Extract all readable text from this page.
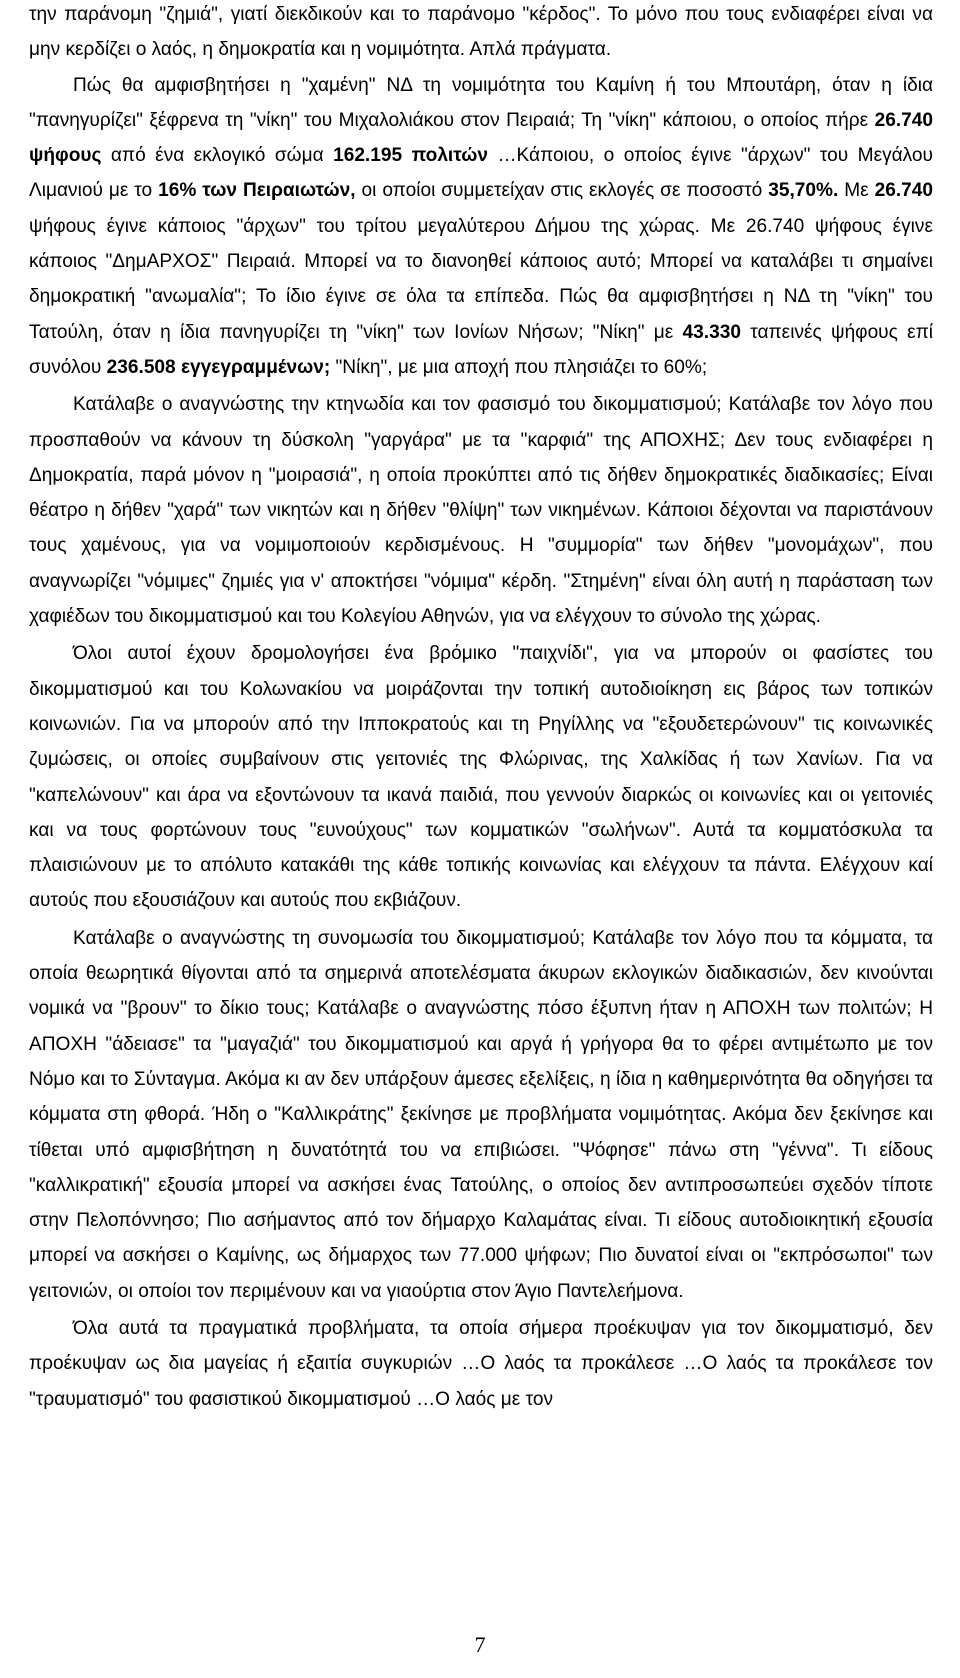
την παράνομη "ζημιά", γιατί διεκδικούν και το παράνομο "κέρδος". Το μόνο που τους ενδιαφέρει είναι να μην κερδίζει ο λαός, η δημοκρατία και η νομιμότητα. Απλά πράγματα.

Πώς θα αμφισβητήσει η "χαμένη" ΝΔ τη νομιμότητα του Καμίνη ή του Μπουτάρη, όταν η ίδια "πανηγυρίζει" ξέφρενα τη "νίκη" του Μιχαλολιάκου στον Πειραιά; Τη "νίκη" κάποιου, ο οποίος πήρε 26.740 ψήφους από ένα εκλογικό σώμα 162.195 πολιτών …Κάποιου, ο οποίος έγινε "άρχων" του Μεγάλου Λιμανιού με το 16% των Πειραιωτών, οι οποίοι συμμετείχαν στις εκλογές σε ποσοστό 35,70%. Με 26.740 ψήφους έγινε κάποιος "άρχων" του τρίτου μεγαλύτερου Δήμου της χώρας. Με 26.740 ψήφους έγινε κάποιος "ΔημΑΡΧΟΣ" Πειραιά. Μπορεί να το διανοηθεί κάποιος αυτό; Μπορεί να καταλάβει τι σημαίνει δημοκρατική "ανωμαλία"; Το ίδιο έγινε σε όλα τα επίπεδα. Πώς θα αμφισβητήσει η ΝΔ τη "νίκη" του Τατούλη, όταν η ίδια πανηγυρίζει τη "νίκη" των Ιονίων Νήσων; "Νίκη" με 43.330 ταπεινές ψήφους επί συνόλου 236.508 εγγεγραμμένων; "Νίκη", με μια αποχή που πλησιάζει το 60%;

Κατάλαβε ο αναγνώστης την κτηνωδία και τον φασισμό του δικομματισμού; Κατάλαβε τον λόγο που προσπαθούν να κάνουν τη δύσκολη "γαργάρα" με τα "καρφιά" της ΑΠΟΧΗΣ; Δεν τους ενδιαφέρει η Δημοκρατία, παρά μόνον η "μοιρασιά", η οποία προκύπτει από τις δήθεν δημοκρατικές διαδικασίες; Είναι θέατρο η δήθεν "χαρά" των νικητών και η δήθεν "θλίψη" των νικημένων. Κάποιοι δέχονται να παριστάνουν τους χαμένους, για να νομιμοποιούν κερδισμένους. Η "συμμορία" των δήθεν "μονομάχων", που αναγνωρίζει "νόμιμες" ζημιές για ν' αποκτήσει "νόμιμα" κέρδη. "Στημένη" είναι όλη αυτή η παράσταση των χαφιέδων του δικομματισμού και του Κολεγίου Αθηνών, για να ελέγχουν το σύνολο της χώρας.

Όλοι αυτοί έχουν δρομολογήσει ένα βρόμικο "παιχνίδι", για να μπορούν οι φασίστες του δικομματισμού και του Κολωνακίου να μοιράζονται την τοπική αυτοδιοίκηση εις βάρος των τοπικών κοινωνιών. Για να μπορούν από την Ιπποκρατούς και τη Ρηγίλλης να "εξουδετερώνουν" τις κοινωνικές ζυμώσεις, οι οποίες συμβαίνουν στις γειτονιές της Φλώρινας, της Χαλκίδας ή των Χανίων. Για να "καπελώνουν" και άρα να εξοντώνουν τα ικανά παιδιά, που γεννούν διαρκώς οι κοινωνίες και οι γειτονιές και να τους φορτώνουν τους "ευνούχους" των κομματικών "σωλήνων". Αυτά τα κομματόσκυλα τα πλαισιώνουν με το απόλυτο κατακάθι της κάθε τοπικής κοινωνίας και ελέγχουν τα πάντα. Ελέγχουν καί αυτούς που εξουσιάζουν και αυτούς που εκβιάζουν.

Κατάλαβε ο αναγνώστης τη συνομωσία του δικομματισμού; Κατάλαβε τον λόγο που τα κόμματα, τα οποία θεωρητικά θίγονται από τα σημερινά αποτελέσματα άκυρων εκλογικών διαδικασιών, δεν κινούνται νομικά να "βρουν" το δίκιο τους; Κατάλαβε ο αναγνώστης πόσο έξυπνη ήταν η ΑΠΟΧΗ των πολιτών; Η ΑΠΟΧΗ "άδειασε" τα "μαγαζιά" του δικομματισμού και αργά ή γρήγορα θα το φέρει αντιμέτωπο με τον Νόμο και το Σύνταγμα. Ακόμα κι αν δεν υπάρξουν άμεσες εξελίξεις, η ίδια η καθημερινότητα θα οδηγήσει τα κόμματα στη φθορά. Ήδη ο "Καλλικράτης" ξεκίνησε με προβλήματα νομιμότητας. Ακόμα δεν ξεκίνησε και τίθεται υπό αμφισβήτηση η δυνατότητά του να επιβιώσει. "Ψόφησε" πάνω στη "γέννα". Τι είδους "καλλικρατική" εξουσία μπορεί να ασκήσει ένας Τατούλης, ο οποίος δεν αντιπροσωπεύει σχεδόν τίποτε στην Πελοπόννησο; Πιο ασήμαντος από τον δήμαρχο Καλαμάτας είναι. Τι είδους αυτοδιοικητική εξουσία μπορεί να ασκήσει ο Καμίνης, ως δήμαρχος των 77.000 ψήφων; Πιο δυνατοί είναι οι "εκπρόσωποι" των γειτονιών, οι οποίοι τον περιμένουν και να γιαούρτια στον Άγιο Παντελεήμονα.

Όλα αυτά τα πραγματικά προβλήματα, τα οποία σήμερα προέκυψαν για τον δικομματισμό, δεν προέκυψαν ως δια μαγείας ή εξαιτία συγκυριών …Ο λαός τα προκάλεσε …Ο λαός τα προκάλεσε τον "τραυματισμό" του φασιστικού δικομματισμού …Ο λαός με τον

7
